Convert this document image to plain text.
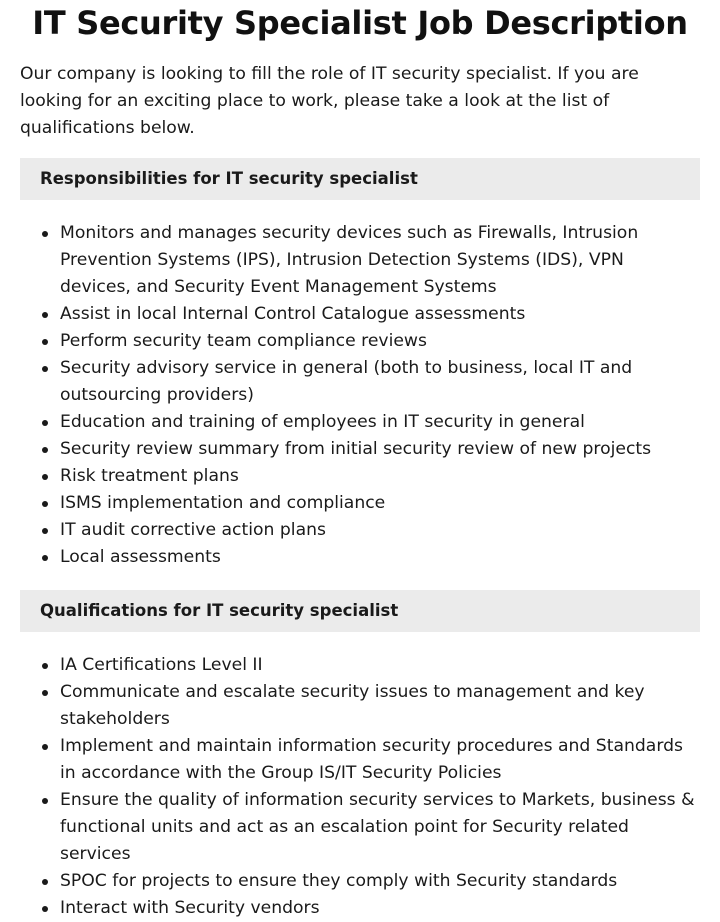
IT Security Specialist Job Description

Our company is looking to fill the role of IT security specialist. If you are looking for an exciting place to work, please take a look at the list of qualifications below.

Responsibilities for IT security specialist
Monitors and manages security devices such as Firewalls, Intrusion Prevention Systems (IPS), Intrusion Detection Systems (IDS), VPN devices, and Security Event Management Systems
Assist in local Internal Control Catalogue assessments
Perform security team compliance reviews
Security advisory service in general (both to business, local IT and outsourcing providers)
Education and training of employees in IT security in general
Security review summary from initial security review of new projects
Risk treatment plans
ISMS implementation and compliance
IT audit corrective action plans
Local assessments
Qualifications for IT security specialist
IA Certifications Level II
Communicate and escalate security issues to management and key stakeholders
Implement and maintain information security procedures and Standards in accordance with the Group IS/IT Security Policies
Ensure the quality of information security services to Markets, business & functional units and act as an escalation point for Security related services
SPOC for projects to ensure they comply with Security standards
Interact with Security vendors
